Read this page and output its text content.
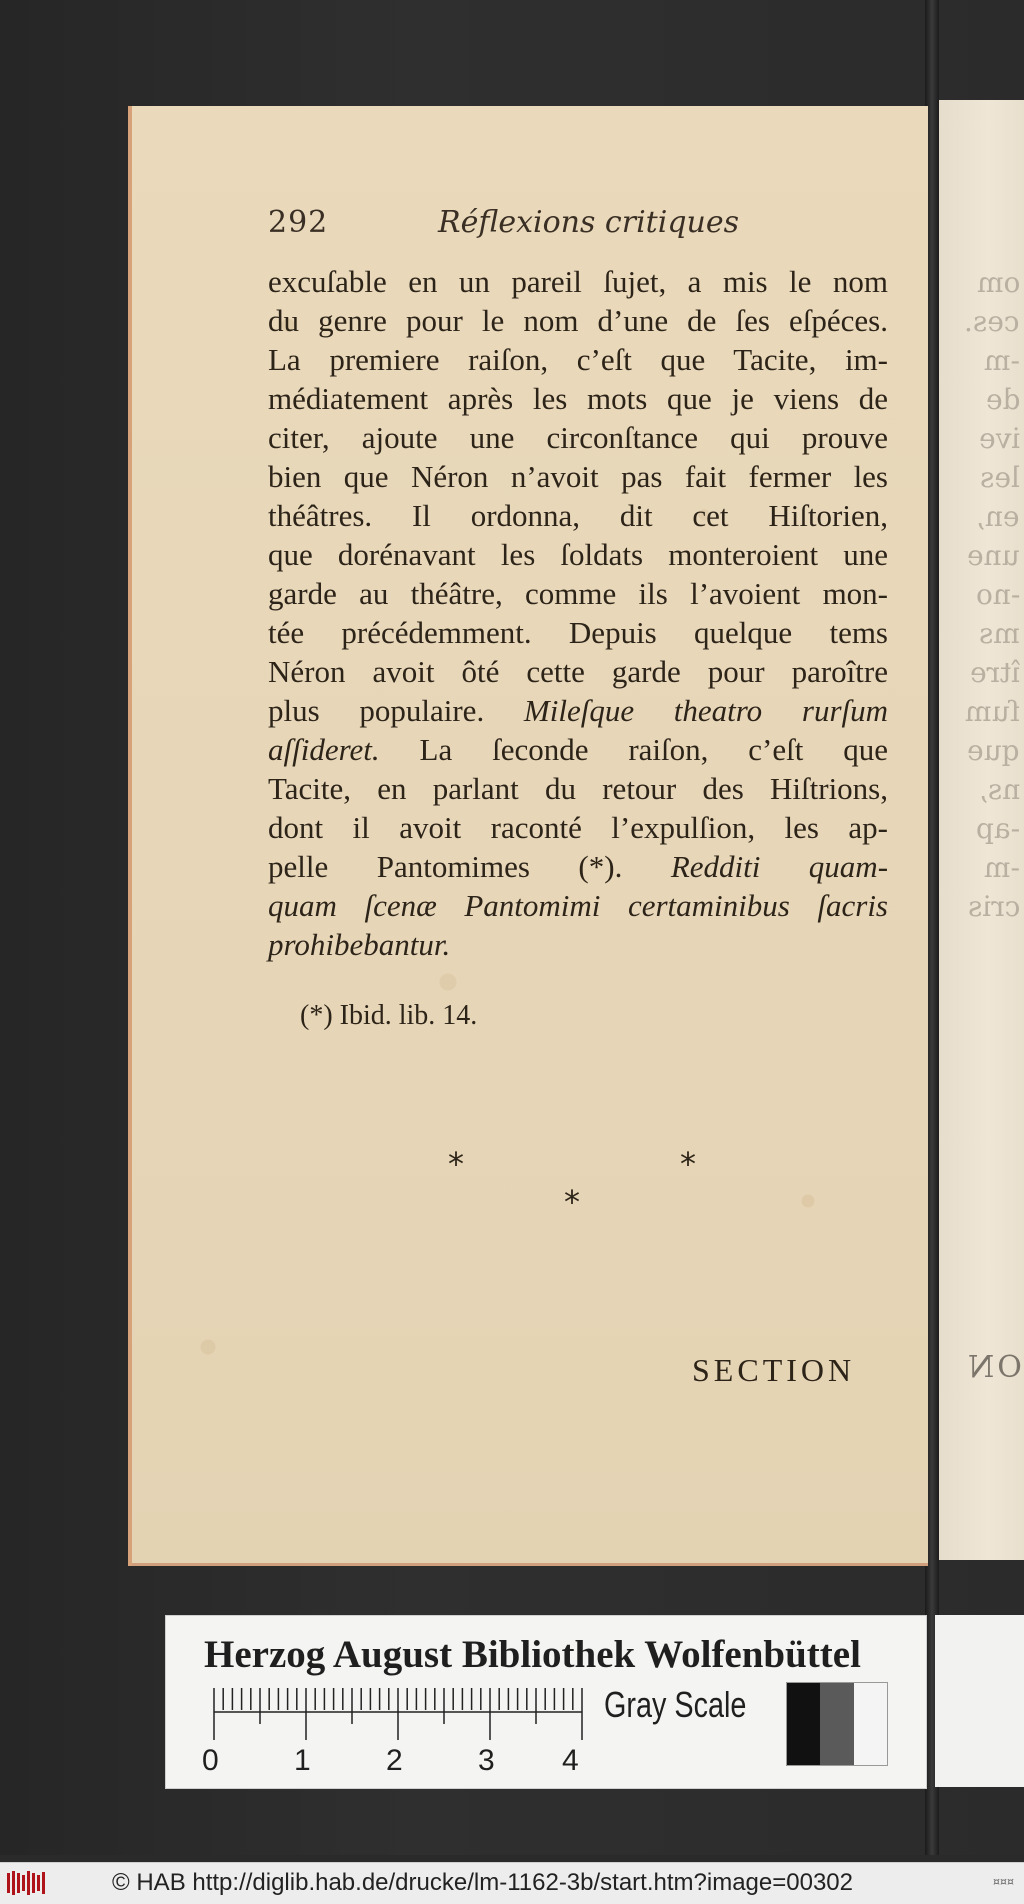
om
ces.
-m
de
ive
les
en,
une
-no
ms
ître
ſum
que
ns,
-ap
-m
cris
ON
292	Réflexions critiques
excuſable en un pareil ſujet, a mis le nom
du genre pour le nom d’une de ſes eſpéces.
La premiere raiſon, c’eſt que Tacite, im-
médiatement après les mots que je viens de
citer, ajoute une circonſtance qui prouve
bien que Néron n’avoit pas fait fermer les
théâtres. Il ordonna, dit cet Hiſtorien,
que dorénavant les ſoldats monteroient une
garde au théâtre, comme ils l’avoient mon-
tée précédemment. Depuis quelque tems
Néron avoit ôté cette garde pour paroître
plus populaire. Mileſque theatro rurſum
aſſideret. La ſeconde raiſon, c’eſt que
Tacite, en parlant du retour des Hiſtrions,
dont il avoit raconté l’expulſion, les ap-
pelle Pantomimes (*). Redditi quam-
quam ſcenæ Pantomimi certaminibus ſacris
prohibebantur.
(*) Ibid. lib. 14.
*	*
*
SECTION
Herzog August Bibliothek Wolfenbüttel
0	1	2	3 4
Gray Scale
© HAB http://diglib.hab.de/drucke/lm-1162-3b/start.htm?image=00302	¤¤¤
